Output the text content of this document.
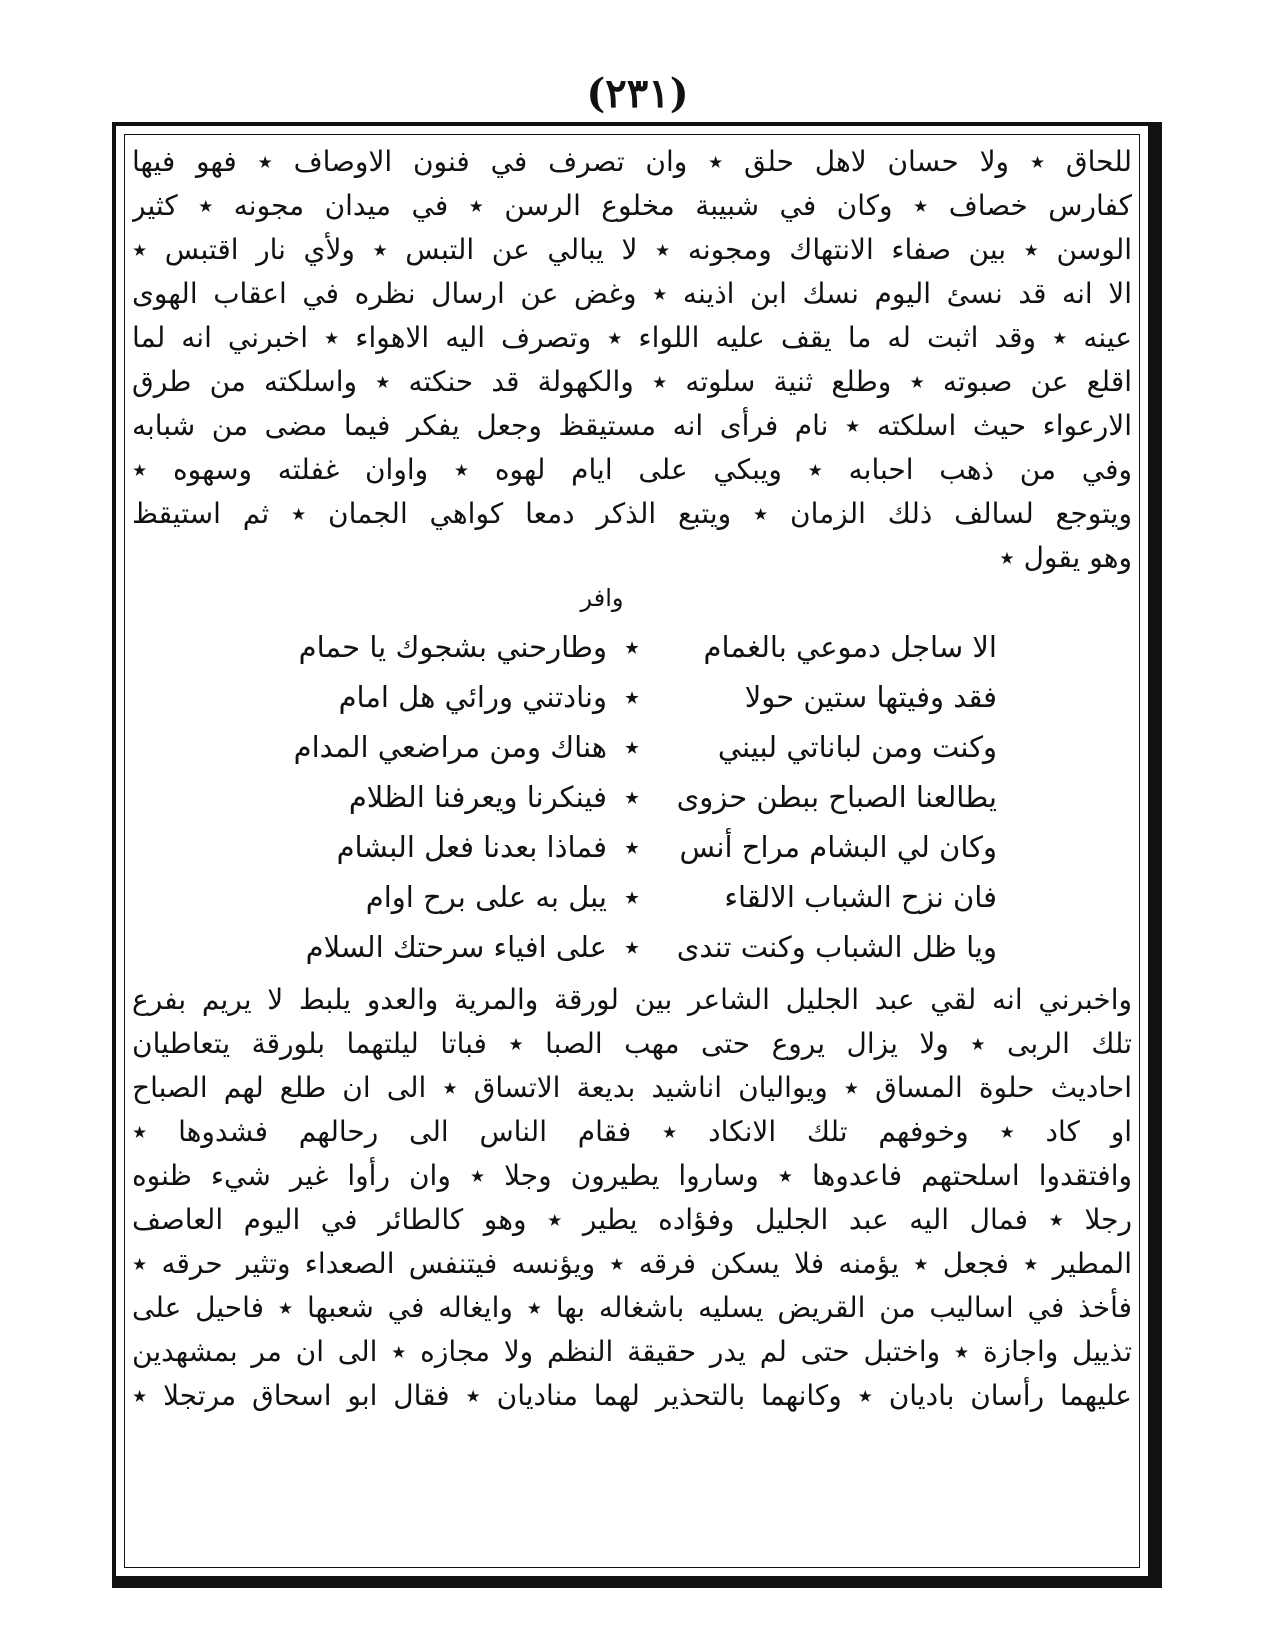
(٢٣١)
للحاق ٭ ولا حسان لاهل حلق ٭ وان تصرف في فنون الاوصاف ٭ فهو فيها
كفارس خصاف ٭ وكان في شبيبة مخلوع الرسن ٭ في ميدان مجونه ٭ كثير
الوسن ٭ بين صفاء الانتهاك ومجونه ٭ لا يبالي عن التبس ٭ ولأي نار اقتبس ٭
الا انه قد نسئ اليوم نسك ابن اذينه ٭ وغض عن ارسال نظره في اعقاب الهوى
عينه ٭ وقد اثبت له ما يقف عليه اللواء ٭ وتصرف اليه الاهواء ٭ اخبرني انه لما
اقلع عن صبوته ٭ وطلع ثنية سلوته ٭ والكهولة قد حنكته ٭ واسلكته من طرق
الارعواء حيث اسلكته ٭ نام فرأى انه مستيقظ وجعل يفكر فيما مضى من شبابه
وفي من ذهب احبابه ٭ ويبكي على ايام لهوه ٭ واوان غفلته وسهوه ٭
ويتوجع لسالف ذلك الزمان ٭ ويتبع الذكر دمعا كواهي الجمان ٭ ثم استيقظ
وهو يقول ٭
وافر
الا ساجل دموعي بالغمام
٭
وطارحني بشجوك يا حمام
فقد وفيتها ستين حولا
٭
ونادتني ورائي هل امام
وكنت ومن لباناتي لبيني
٭
هناك ومن مراضعي المدام
يطالعنا الصباح ببطن حزوى
٭
فينكرنا ويعرفنا الظلام
وكان لي البشام مراح أنس
٭
فماذا بعدنا فعل البشام
فان نزح الشباب الالقاء
٭
يبل به على برح اوام
ويا ظل الشباب وكنت تندى
٭
على افياء سرحتك السلام
واخبرني انه لقي عبد الجليل الشاعر بين لورقة والمرية والعدو يلبط لا يريم بفرع
تلك الربى ٭ ولا يزال يروع حتى مهب الصبا ٭ فباتا ليلتهما بلورقة يتعاطيان
احاديث حلوة المساق ٭ ويواليان اناشيد بديعة الاتساق ٭ الى ان طلع لهم الصباح
او كاد ٭ وخوفهم تلك الانكاد ٭ فقام الناس الى رحالهم فشدوها ٭
وافتقدوا اسلحتهم فاعدوها ٭ وساروا يطيرون وجلا ٭ وان رأوا غير شيء ظنوه
رجلا ٭ فمال اليه عبد الجليل وفؤاده يطير ٭ وهو كالطائر في اليوم العاصف
المطير ٭ فجعل ٭ يؤمنه فلا يسكن فرقه ٭ ويؤنسه فيتنفس الصعداء وتثير حرقه ٭
فأخذ في اساليب من القريض يسليه باشغاله بها ٭ وايغاله في شعبها ٭ فاحيل على
تذييل واجازة ٭ واختبل حتى لم يدر حقيقة النظم ولا مجازه ٭ الى ان مر بمشهدين
عليهما رأسان باديان ٭ وكانهما بالتحذير لهما مناديان ٭ فقال ابو اسحاق مرتجلا ٭
